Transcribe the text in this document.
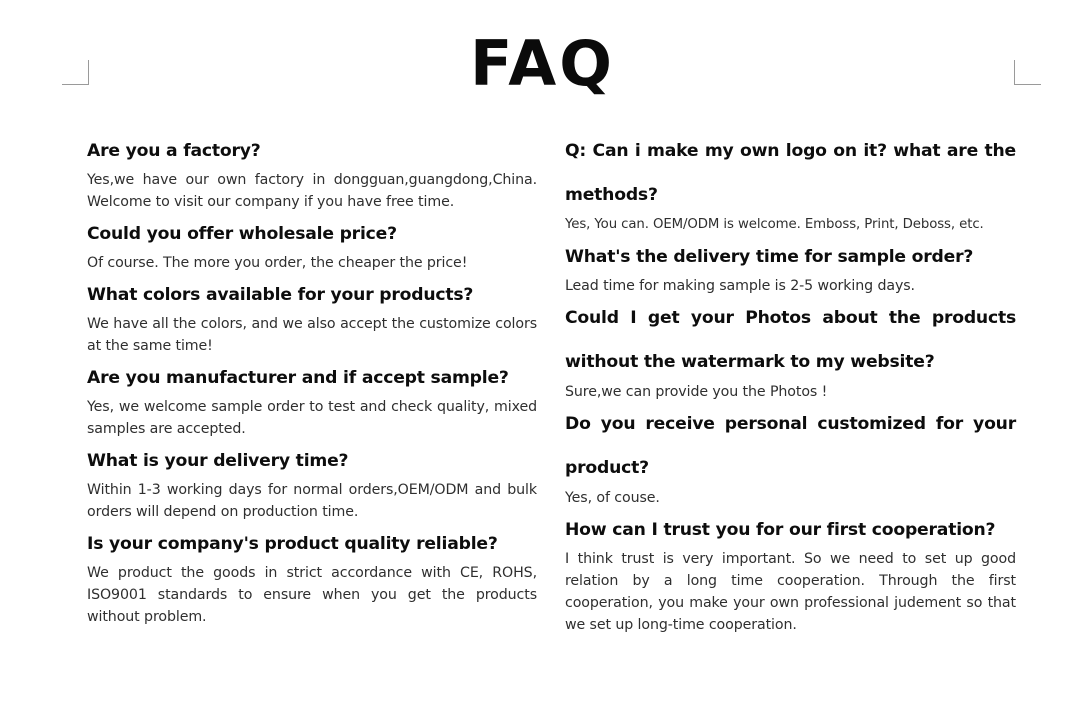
FAQ
Are you a factory?
Yes,we have our own factory in dongguan,guangdong,China. Welcome to visit our company if you have free time.
Could you offer wholesale price?
Of course. The more you order, the cheaper the price!
What colors available for your products?
We have all the colors, and we also accept the customize colors at the same time!
Are you manufacturer and if accept sample?
Yes, we welcome sample order to test and check quality, mixed samples are accepted.
What is your delivery time?
Within 1-3 working days for normal orders,OEM/ODM and bulk orders will depend on production time.
Is your company's product quality reliable?
We product the goods in strict accordance with CE, ROHS, ISO9001 standards to ensure when you get the products without problem.
Q: Can i make my own logo on it? what are the methods?
Yes, You can. OEM/ODM is welcome. Emboss, Print, Deboss, etc.
What's the delivery time for sample order?
Lead time for making sample is 2-5 working days.
Could I get your Photos about the products without the watermark to my website?
Sure,we can provide you the Photos !
Do you receive personal customized for your product?
Yes, of couse.
How can I trust you for our first cooperation?
I think trust is very important. So we need to set up good relation by a long time cooperation. Through the first cooperation, you make your own professional judement so that we set up long-time cooperation.
